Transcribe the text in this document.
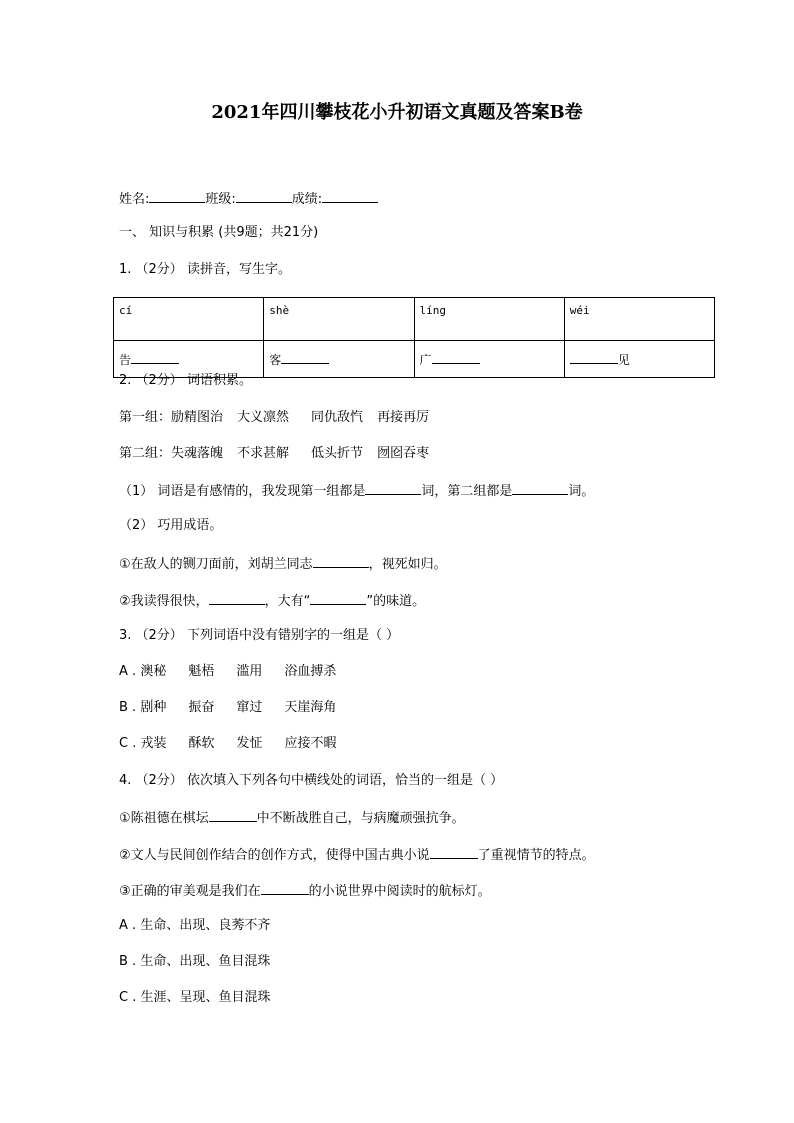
2021年四川攀枝花小升初语文真题及答案B卷
姓名:	班级:	成绩:
一、 知识与积累 (共9题；共21分)
1. （2分） 读拼音，写生字。
cí	shè	líng	wéi
告	客	广	见
2. （2分） 词语积累。
第一组：励精图治 大义凛然 同仇敌忾 再接再厉
第二组：失魂落魄 不求甚解 低头折节 囫囵吞枣
（1） 词语是有感情的，我发现第一组都是	词，第二组都是	词。
（2） 巧用成语。
①在敌人的铡刀面前，刘胡兰同志	，视死如归。
②我读得很快，	，大有“	”的味道。
3. （2分） 下列词语中没有错别字的一组是（ ）
A . 澳秘 魁梧 滥用 浴血搏杀
B . 剧种 振奋 窜过 天崖海角
C . 戎装 酥软 发怔 应接不暇
4. （2分） 依次填入下列各句中横线处的词语，恰当的一组是（ ）
①陈祖德在棋坛	中不断战胜自己，与病魔顽强抗争。
②文人与民间创作结合的创作方式，使得中国古典小说	了重视情节的特点。
③正确的审美观是我们在	的小说世界中阅读时的航标灯。
A . 生命、出现、良莠不齐
B . 生命、出现、鱼目混珠
C . 生涯、呈现、鱼目混珠
